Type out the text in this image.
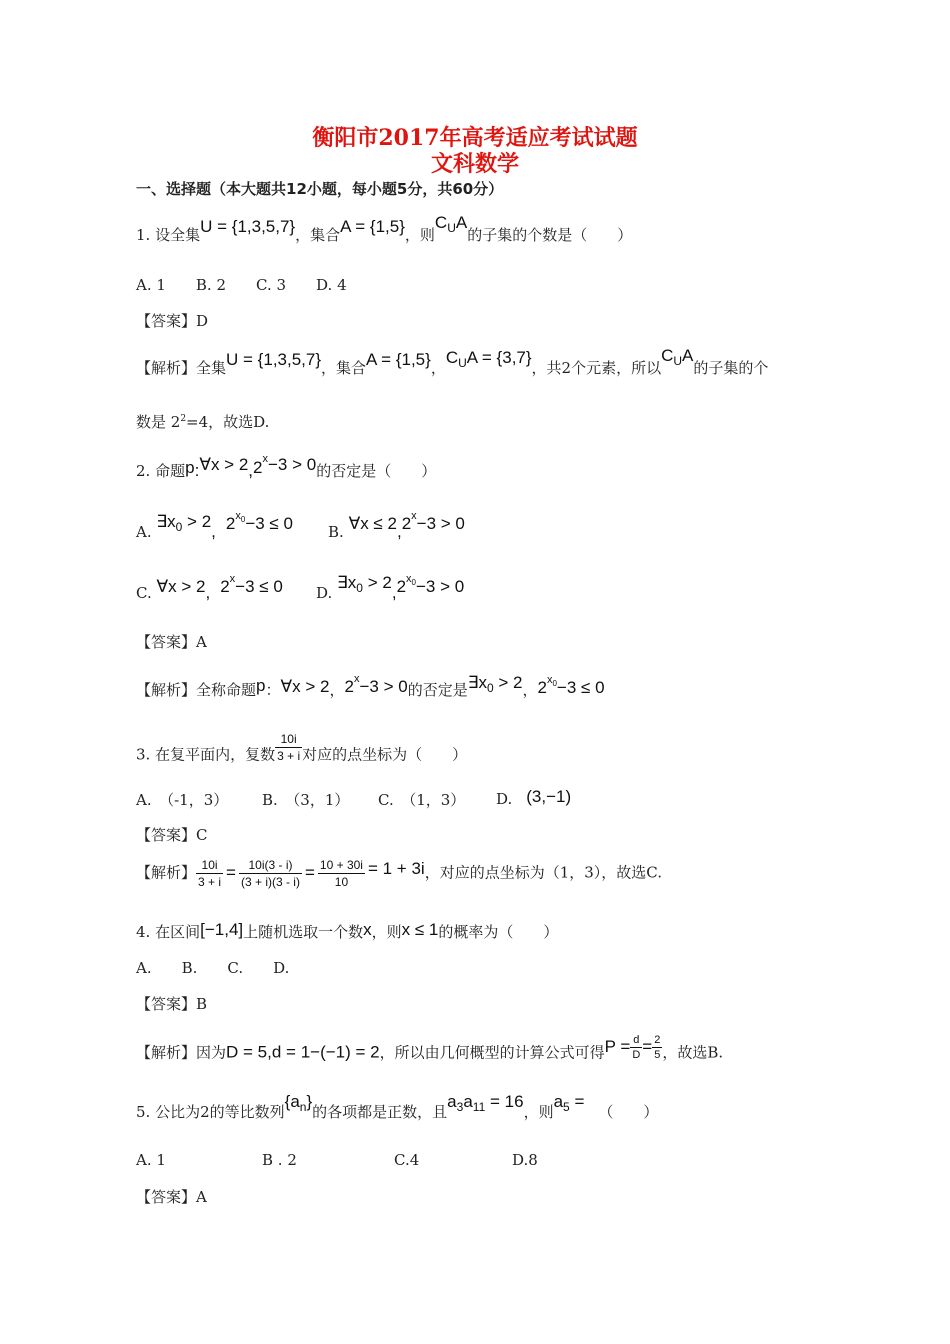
衡阳市2017年高考适应考试试题
文科数学
一、选择题（本大题共12小题，每小题5分，共60分）
1. 设全集U = {1,3,5,7}，集合A = {1,5}，则$C_UA$的子集的个数是（　　）
A. 1　　B. 2　　C. 3　　D. 4
【答案】D
【解析】全集U = {1,3,5,7}，集合A = {1,5}，$C_UA = \{3,7\}$，共2个元素，所以$C_UA$的子集的个
数是 $2^2=4$，故选D.
2. 命题p:∀x > $2,2^x-3 > 0$的否定是（　　）
A. $\exists x_0 > 2$, $2x_0-3 \le 0$ B. ∀x ≤ $2,2^x-3 > 0$
C. ∀x > 2, $2^x-3 \le 0$ D. $\exists x_0 > 2,2x_0-3 > 0$
【答案】A
【解析】全称命题p：∀x > 2，$2^x-3 > 0$的否定是$\exists x_0 > 2$，$2x_0-3 \le 0$
3. 在复平面内，复数 $\frac{10i}{3 + i}$ 对应的点坐标为（　　）
A.　（-1，3） B.　（3，1） C.　（1，3） D. (3,−1)
【答案】C
【解析】 $\frac{10i}{3 + i} = \frac{10i(3 - i)}{(3 + i)(3 - i)} = \frac{10 + 30i}{10} = 1 + 3i$，对应的点坐标为（1，3），故选C.
4. 在区间[−1,4]上随机选取一个数x，则x ≤ 1的概率为（　　）
A.　　B.　　C.　　D.
【答案】B
【解析】因为D = 5,d = 1−(−1) = 2，所以由几何概型的计算公式可得$P = \frac{d}{D} = \frac{2}{5}$ ，故选B.
5. 公比为2的等比数列$\{a_n\}$的各项都是正数，且$a_3a_{11} = 16$，则$a_5$ =（　　）
A. 1	B . 2	C.4	D.8
【答案】A
